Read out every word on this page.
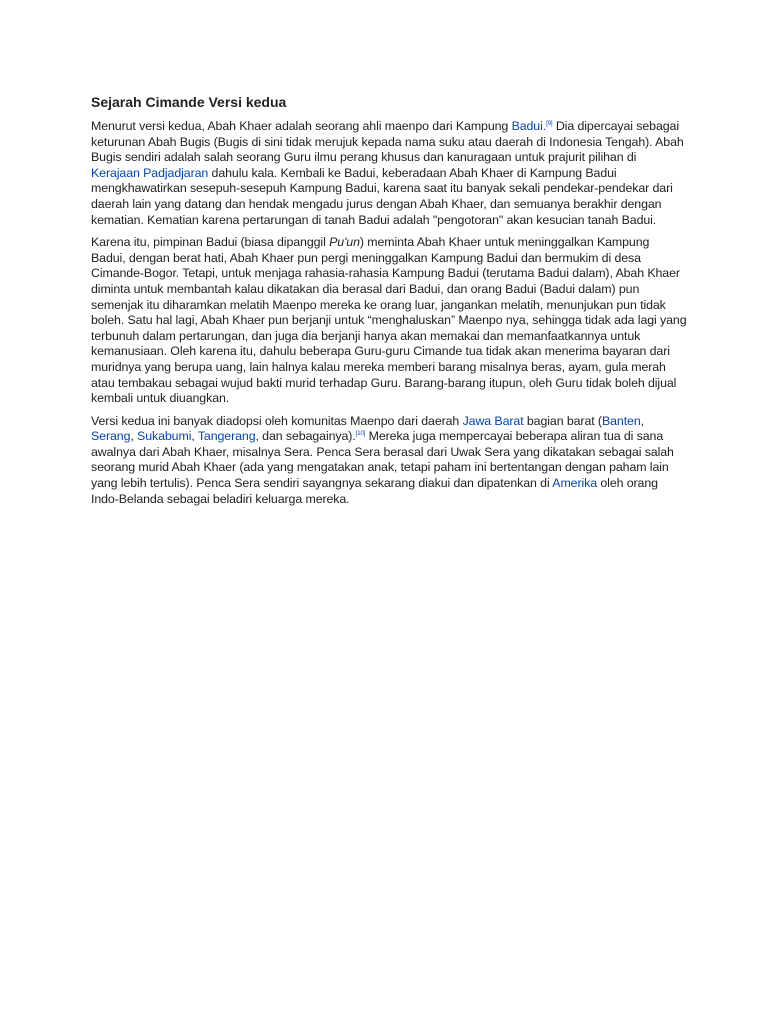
Sejarah Cimande Versi kedua

Menurut versi kedua, Abah Khaer adalah seorang ahli maenpo dari Kampung Badui.[9] Dia dipercayai sebagai keturunan Abah Bugis (Bugis di sini tidak merujuk kepada nama suku atau daerah di Indonesia Tengah). Abah Bugis sendiri adalah salah seorang Guru ilmu perang khusus dan kanuragaan untuk prajurit pilihan di Kerajaan Padjadjaran dahulu kala. Kembali ke Badui, keberadaan Abah Khaer di Kampung Badui mengkhawatirkan sesepuh-sesepuh Kampung Badui, karena saat itu banyak sekali pendekar-pendekar dari daerah lain yang datang dan hendak mengadu jurus dengan Abah Khaer, dan semuanya berakhir dengan kematian. Kematian karena pertarungan di tanah Badui adalah "pengotoran" akan kesucian tanah Badui.

Karena itu, pimpinan Badui (biasa dipanggil Pu'un) meminta Abah Khaer untuk meninggalkan Kampung Badui, dengan berat hati, Abah Khaer pun pergi meninggalkan Kampung Badui dan bermukim di desa Cimande-Bogor. Tetapi, untuk menjaga rahasia-rahasia Kampung Badui (terutama Badui dalam), Abah Khaer diminta untuk membantah kalau dikatakan dia berasal dari Badui, dan orang Badui (Badui dalam) pun semenjak itu diharamkan melatih Maenpo mereka ke orang luar, jangankan melatih, menunjukan pun tidak boleh. Satu hal lagi, Abah Khaer pun berjanji untuk “menghaluskan” Maenpo nya, sehingga tidak ada lagi yang terbunuh dalam pertarungan, dan juga dia berjanji hanya akan memakai dan memanfaatkannya untuk kemanusiaan. Oleh karena itu, dahulu beberapa Guru-guru Cimande tua tidak akan menerima bayaran dari muridnya yang berupa uang, lain halnya kalau mereka memberi barang misalnya beras, ayam, gula merah atau tembakau sebagai wujud bakti murid terhadap Guru. Barang-barang itupun, oleh Guru tidak boleh dijual kembali untuk diuangkan.

Versi kedua ini banyak diadopsi oleh komunitas Maenpo dari daerah Jawa Barat bagian barat (Banten, Serang, Sukabumi, Tangerang, dan sebagainya).[10] Mereka juga mempercayai beberapa aliran tua di sana awalnya dari Abah Khaer, misalnya Sera. Penca Sera berasal dari Uwak Sera yang dikatakan sebagai salah seorang murid Abah Khaer (ada yang mengatakan anak, tetapi paham ini bertentangan dengan paham lain yang lebih tertulis). Penca Sera sendiri sayangnya sekarang diakui dan dipatenkan di Amerika oleh orang Indo-Belanda sebagai beladiri keluarga mereka.
